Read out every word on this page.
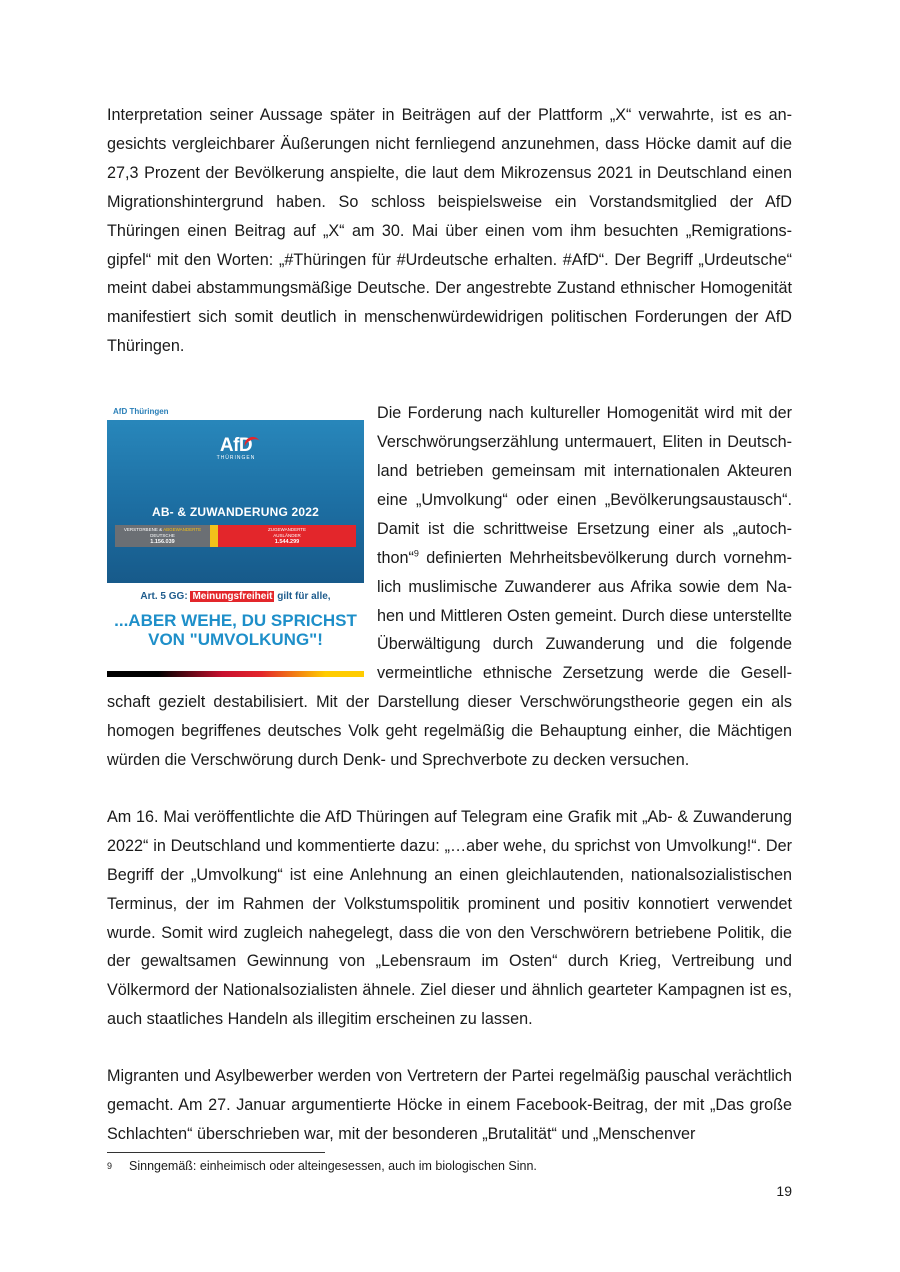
Interpretation seiner Aussage später in Beiträgen auf der Plattform „X“ verwahrte, ist es angesichts vergleichbarer Äußerungen nicht fernliegend anzunehmen, dass Höcke damit auf die 27,3 Prozent der Bevölkerung anspielte, die laut dem Mikrozensus 2021 in Deutschland einen Migrationshintergrund haben. So schloss beispielsweise ein Vorstandsmitglied der AfD Thüringen einen Beitrag auf „X“ am 30. Mai über einen vom ihm besuchten „Remigrationsgipfel“ mit den Worten: „#Thüringen für #Urdeutsche erhalten. #AfD“. Der Begriff „Urdeutsche“ meint dabei abstammungsmäßige Deutsche. Der angestrebte Zustand ethnischer Homogenität manifestiert sich somit deutlich in menschenwürdewidrigen politischen Forderungen der AfD Thüringen.

AfD Thüringen
AfD
THÜRINGEN
AB- & ZUWANDERUNG 2022
VERSTORBENE & ABGEWANDERTE
DEUTSCHE
1.156.039
ZUGEWANDERTE
AUSLÄNDER
1.544.299
Art. 5 GG: Meinungsfreiheit gilt für alle,
...ABER WEHE, DU SPRICHST
VON "UMVOLKUNG"!

Die Forderung nach kultureller Homogenität wird mit der Verschwörungserzählung untermauert, Eliten in Deutschland betrieben gemeinsam mit internationalen Akteuren eine „Umvolkung“ oder einen „Bevölkerungsaustausch“. Damit ist die schrittweise Ersetzung einer als „autochthon“$^9$ definierten Mehrheitsbevölkerung durch vornehmlich muslimische Zuwanderer aus Afrika sowie dem Nahen und Mittleren Osten gemeint. Durch diese unterstellte Überwältigung durch Zuwanderung und die folgende vermeintliche ethnische Zersetzung werde die Gesellschaft gezielt destabilisiert. Mit der Darstellung dieser Verschwörungstheorie gegen ein als homogen begriffenes deutsches Volk geht regelmäßig die Behauptung einher, die Mächtigen würden die Verschwörung durch Denk- und Sprechverbote zu decken versuchen.

Am 16. Mai veröffentlichte die AfD Thüringen auf Telegram eine Grafik mit „Ab- & Zuwanderung 2022“ in Deutschland und kommentierte dazu: „…aber wehe, du sprichst von Umvolkung!“. Der Begriff der „Umvolkung“ ist eine Anlehnung an einen gleichlautenden, nationalsozialistischen Terminus, der im Rahmen der Volkstumspolitik prominent und positiv konnotiert verwendet wurde. Somit wird zugleich nahegelegt, dass die von den Verschwörern betriebene Politik, die der gewaltsamen Gewinnung von „Lebensraum im Osten“ durch Krieg, Vertreibung und Völkermord der Nationalsozialisten ähnele. Ziel dieser und ähnlich gearteter Kampagnen ist es, auch staatliches Handeln als illegitim erscheinen zu lassen.

Migranten und Asylbewerber werden von Vertretern der Partei regelmäßig pauschal verächtlich gemacht. Am 27. Januar argumentierte Höcke in einem Facebook-Beitrag, der mit „Das große Schlachten“ überschrieben war, mit der besonderen „Brutalität“ und „Menschenver

9 Sinngemäß: einheimisch oder alteingesessen, auch im biologischen Sinn.
19
